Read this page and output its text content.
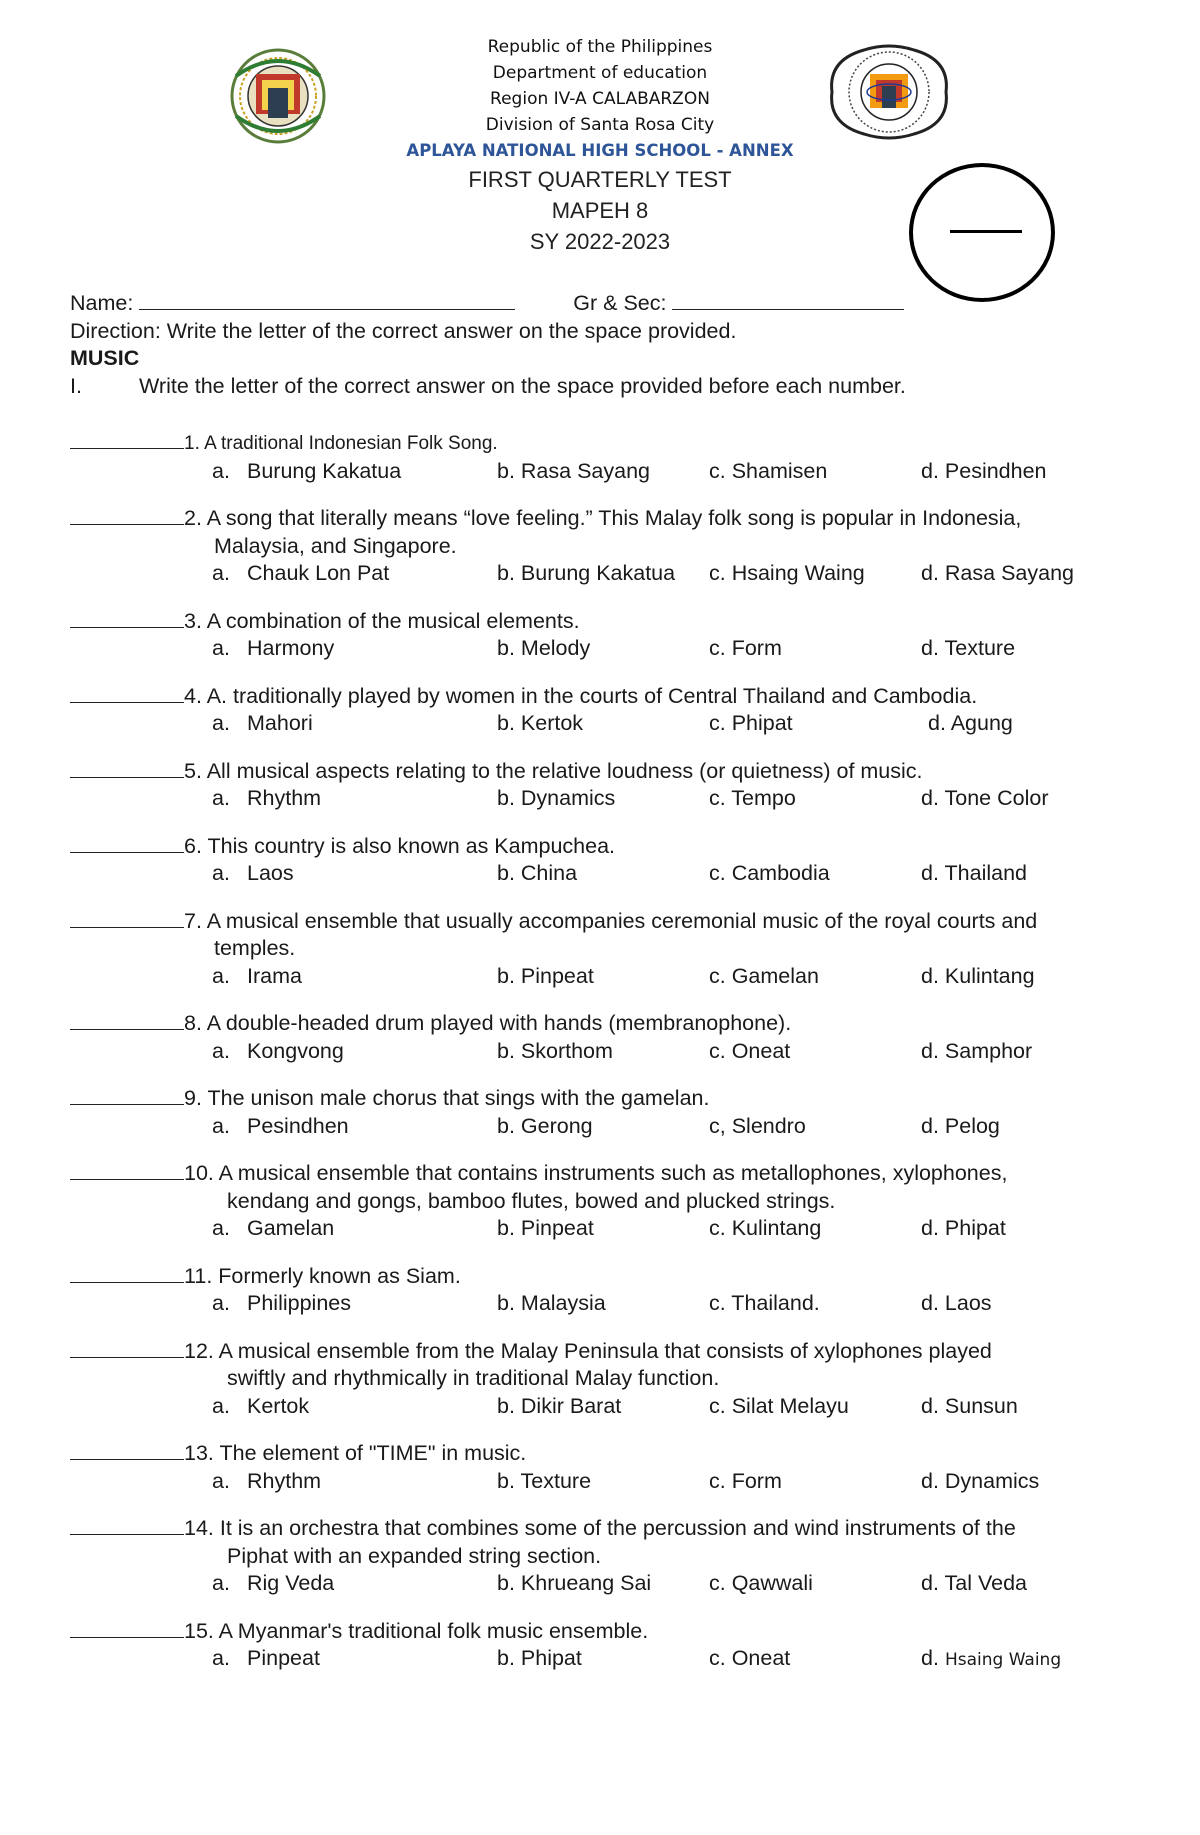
Republic of the Philippines
Department of education
Region IV-A CALABARZON
Division of Santa Rosa City
APLAYA NATIONAL HIGH SCHOOL - ANNEX
FIRST QUARTERLY TEST
MAPEH 8
SY 2022-2023
Name:	Gr & Sec:
Direction: Write the letter of the correct answer on the space provided.
MUSIC
I.	Write the letter of the correct answer on the space provided before each number.
1. A traditional Indonesian Folk Song.
a. Burung Kakatua	b. Rasa Sayang	c. Shamisen	d. Pesindhen
2. A song that literally means “love feeling.” This Malay folk song is popular in Indonesia,
Malaysia, and Singapore.
a. Chauk Lon Pat	b. Burung Kakatua c. Hsaing Waing	d. Rasa Sayang
3. A combination of the musical elements.
a. Harmony	b. Melody	c. Form	d. Texture
4. A. traditionally played by women in the courts of Central Thailand and Cambodia.
a. Mahori	b. Kertok	c. Phipat	d. Agung
5. All musical aspects relating to the relative loudness (or quietness) of music.
a. Rhythm	b. Dynamics	c. Tempo	d. Tone Color
6. This country is also known as Kampuchea.
a. Laos	b. China	c. Cambodia	d. Thailand
7. A musical ensemble that usually accompanies ceremonial music of the royal courts and
temples.
a. Irama	b. Pinpeat	c. Gamelan	d. Kulintang
8. A double-headed drum played with hands (membranophone).
a. Kongvong	b. Skorthom	c. Oneat	d. Samphor
9. The unison male chorus that sings with the gamelan.
a. Pesindhen	b. Gerong	c, Slendro	d. Pelog
10. A musical ensemble that contains instruments such as metallophones, xylophones,
kendang and gongs, bamboo flutes, bowed and plucked strings.
a. Gamelan	b. Pinpeat	c. Kulintang	d. Phipat
11. Formerly known as Siam.
a. Philippines	b. Malaysia	c. Thailand.	d. Laos
12. A musical ensemble from the Malay Peninsula that consists of xylophones played
swiftly and rhythmically in traditional Malay function.
a. Kertok	b. Dikir Barat	c. Silat Melayu	d. Sunsun
13. The element of "TIME" in music.
a. Rhythm	b. Texture	c. Form	d. Dynamics
14. It is an orchestra that combines some of the percussion and wind instruments of the
Piphat with an expanded string section.
a. Rig Veda	b. Khrueang Sai	c. Qawwali	d. Tal Veda
15. A Myanmar's traditional folk music ensemble.
a. Pinpeat	b. Phipat	c. Oneat	d. Hsaing Waing
